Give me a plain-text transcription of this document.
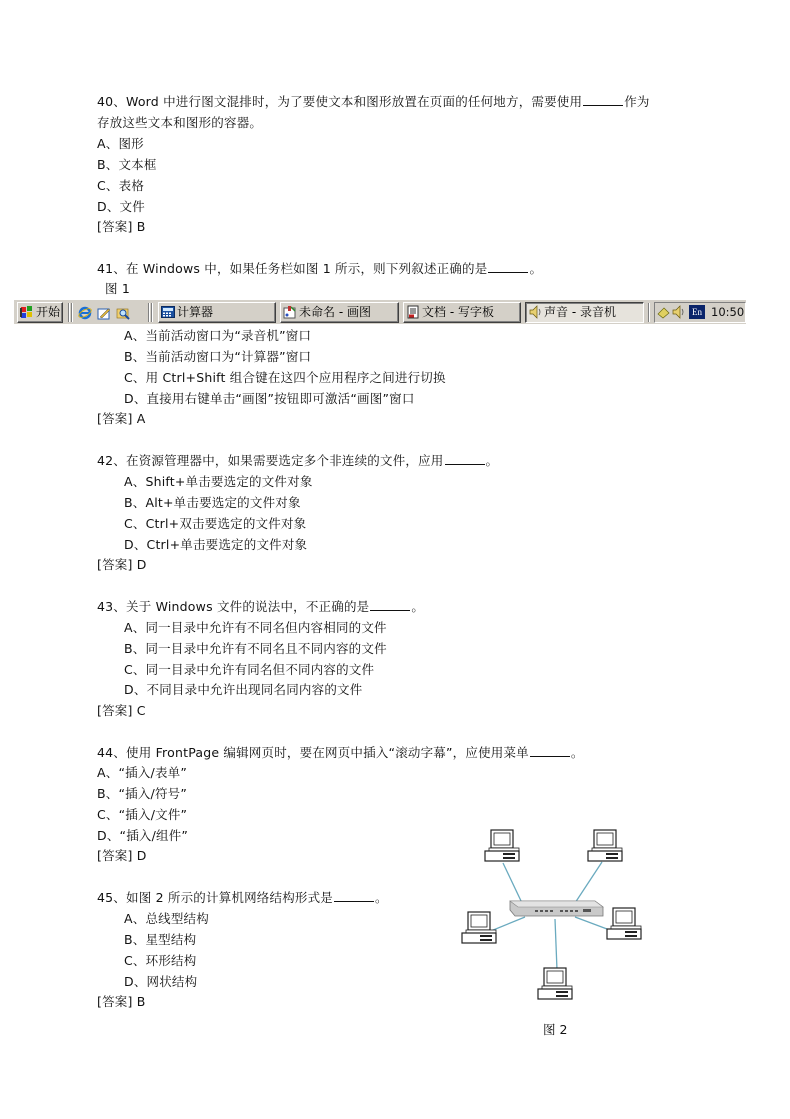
40、Word 中进行图文混排时，为了要使文本和图形放置在页面的任何地方，需要使用	作为
存放这些文本和图形的容器。
A、图形
B、文本框
C、表格
D、文件
[答案] B
41、在 Windows 中，如果任务栏如图 1 所示，则下列叙述正确的是	。
图 1
开始	计算器	未命名 - 画图	文档 - 写字板	声音 - 录音机	En 10:50
A、当前活动窗口为“录音机”窗口
B、当前活动窗口为“计算器”窗口
C、用 Ctrl+Shift 组合键在这四个应用程序之间进行切换
D、直接用右键单击“画图”按钮即可激活“画图”窗口
[答案] A
42、在资源管理器中，如果需要选定多个非连续的文件，应用	。
A、Shift+单击要选定的文件对象
B、Alt+单击要选定的文件对象
C、Ctrl+双击要选定的文件对象
D、Ctrl+单击要选定的文件对象
[答案] D
43、关于 Windows 文件的说法中，不正确的是	。
A、同一目录中允许有不同名但内容相同的文件
B、同一目录中允许有不同名且不同内容的文件
C、同一目录中允许有同名但不同内容的文件
D、不同目录中允许出现同名同内容的文件
[答案] C
44、使用 FrontPage 编辑网页时，要在网页中插入“滚动字幕”，应使用菜单	。
A、“插入/表单”
B、“插入/符号”
C、“插入/文件”
D、“插入/组件”
[答案] D
45、如图 2 所示的计算机网络结构形式是	。
A、总线型结构
B、星型结构
C、环形结构
D、网状结构
[答案] B
图 2
